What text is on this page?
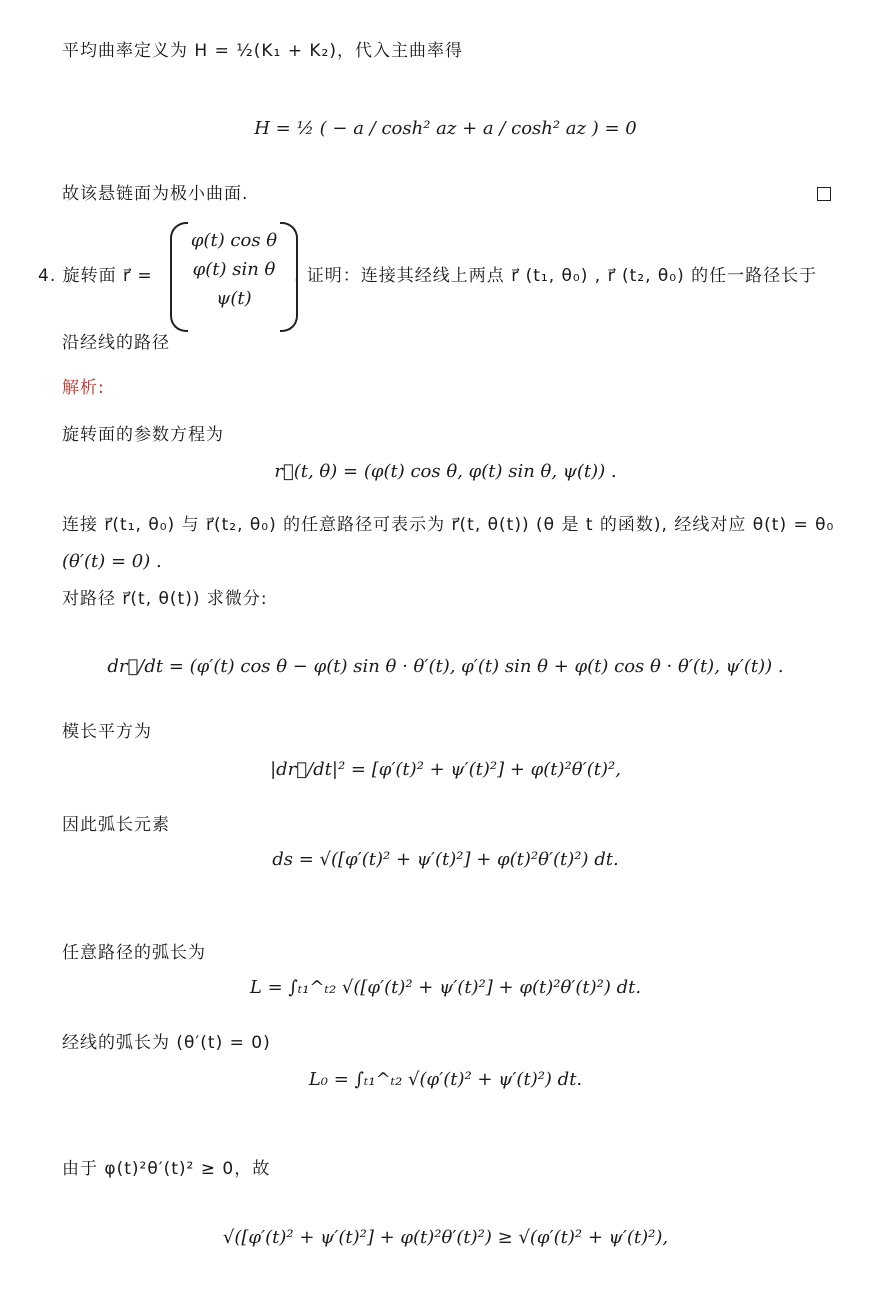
平均曲率定义为 H = ½(K₁ + K₂)，代入主曲率得
H = ½ ( − a / cosh² az + a / cosh² az ) = 0
故该悬链面为极小曲面.
4. 旋转面 r⃗ =
φ(t) cos θ
φ(t) sin θ
ψ(t)
. 证明：连接其经线上两点 r⃗ (t₁, θ₀) , r⃗ (t₂, θ₀) 的任一路径长于
沿经线的路径
解析:
旋转面的参数方程为
r⃗(t, θ) = (φ(t) cos θ, φ(t) sin θ, ψ(t)) .
连接 r⃗(t₁, θ₀) 与 r⃗(t₂, θ₀) 的任意路径可表示为 r⃗(t, θ(t)) (θ 是 t 的函数), 经线对应 θ(t) = θ₀
(θ′(t) = 0) .
对路径 r⃗(t, θ(t)) 求微分:
dr⃗/dt = (φ′(t) cos θ − φ(t) sin θ · θ′(t), φ′(t) sin θ + φ(t) cos θ · θ′(t), ψ′(t)) .
模长平方为
|dr⃗/dt|² = [φ′(t)² + ψ′(t)²] + φ(t)²θ′(t)²,
因此弧长元素
ds = √([φ′(t)² + ψ′(t)²] + φ(t)²θ′(t)²) dt.
任意路径的弧长为
L = ∫ₜ₁^ₜ₂ √([φ′(t)² + ψ′(t)²] + φ(t)²θ′(t)²) dt.
经线的弧长为 (θ′(t) = 0)
L₀ = ∫ₜ₁^ₜ₂ √(φ′(t)² + ψ′(t)²) dt.
由于 φ(t)²θ′(t)² ≥ 0，故
√([φ′(t)² + ψ′(t)²] + φ(t)²θ′(t)²) ≥ √(φ′(t)² + ψ′(t)²),
